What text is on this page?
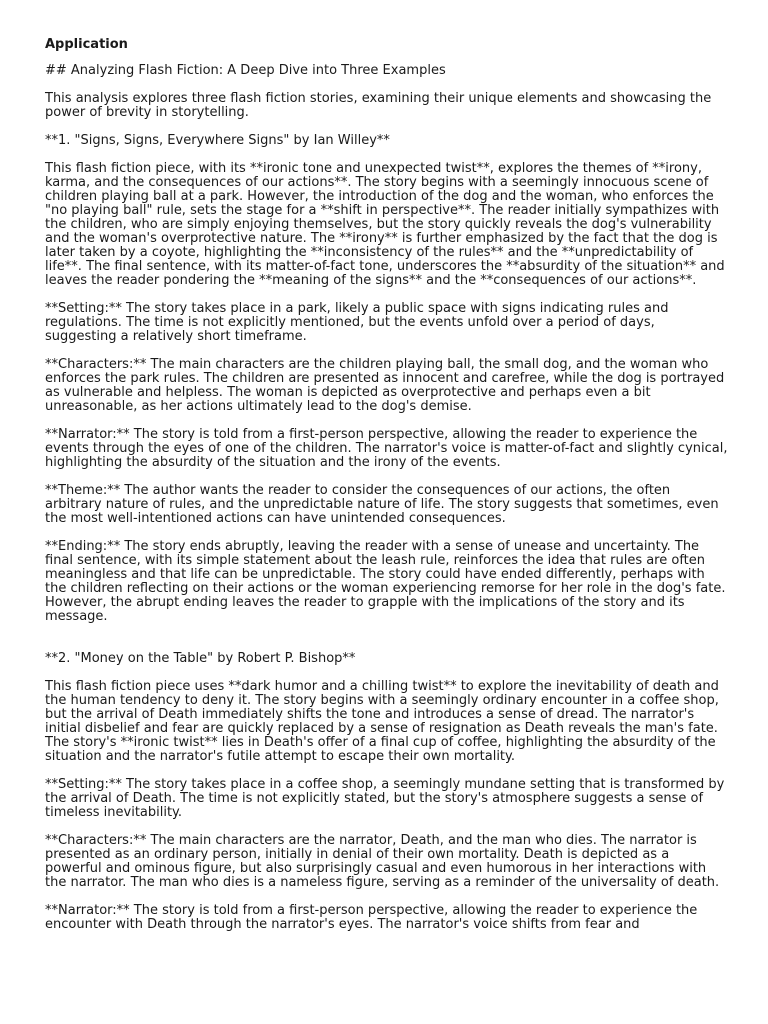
Application

## Analyzing Flash Fiction: A Deep Dive into Three Examples

This analysis explores three flash fiction stories, examining their unique elements and showcasing the power of brevity in storytelling.

**1. "Signs, Signs, Everywhere Signs" by Ian Willey**

This flash fiction piece, with its **ironic tone and unexpected twist**, explores the themes of **irony, karma, and the consequences of our actions**. The story begins with a seemingly innocuous scene of children playing ball at a park. However, the introduction of the dog and the woman, who enforces the "no playing ball" rule, sets the stage for a **shift in perspective**. The reader initially sympathizes with the children, who are simply enjoying themselves, but the story quickly reveals the dog's vulnerability and the woman's overprotective nature. The **irony** is further emphasized by the fact that the dog is later taken by a coyote, highlighting the **inconsistency of the rules** and the **unpredictability of life**. The final sentence, with its matter-of-fact tone, underscores the **absurdity of the situation** and leaves the reader pondering the **meaning of the signs** and the **consequences of our actions**.

**Setting:** The story takes place in a park, likely a public space with signs indicating rules and regulations. The time is not explicitly mentioned, but the events unfold over a period of days, suggesting a relatively short timeframe.

**Characters:** The main characters are the children playing ball, the small dog, and the woman who enforces the park rules. The children are presented as innocent and carefree, while the dog is portrayed as vulnerable and helpless. The woman is depicted as overprotective and perhaps even a bit unreasonable, as her actions ultimately lead to the dog's demise.

**Narrator:** The story is told from a first-person perspective, allowing the reader to experience the events through the eyes of one of the children. The narrator's voice is matter-of-fact and slightly cynical, highlighting the absurdity of the situation and the irony of the events.

**Theme:** The author wants the reader to consider the consequences of our actions, the often arbitrary nature of rules, and the unpredictable nature of life. The story suggests that sometimes, even the most well-intentioned actions can have unintended consequences.

**Ending:** The story ends abruptly, leaving the reader with a sense of unease and uncertainty. The final sentence, with its simple statement about the leash rule, reinforces the idea that rules are often meaningless and that life can be unpredictable. The story could have ended differently, perhaps with the children reflecting on their actions or the woman experiencing remorse for her role in the dog's fate. However, the abrupt ending leaves the reader to grapple with the implications of the story and its message.

**2. "Money on the Table" by Robert P. Bishop**

This flash fiction piece uses **dark humor and a chilling twist** to explore the inevitability of death and the human tendency to deny it. The story begins with a seemingly ordinary encounter in a coffee shop, but the arrival of Death immediately shifts the tone and introduces a sense of dread. The narrator's initial disbelief and fear are quickly replaced by a sense of resignation as Death reveals the man's fate. The story's **ironic twist** lies in Death's offer of a final cup of coffee, highlighting the absurdity of the situation and the narrator's futile attempt to escape their own mortality.

**Setting:** The story takes place in a coffee shop, a seemingly mundane setting that is transformed by the arrival of Death. The time is not explicitly stated, but the story's atmosphere suggests a sense of timeless inevitability.

**Characters:** The main characters are the narrator, Death, and the man who dies. The narrator is presented as an ordinary person, initially in denial of their own mortality. Death is depicted as a powerful and ominous figure, but also surprisingly casual and even humorous in her interactions with the narrator. The man who dies is a nameless figure, serving as a reminder of the universality of death.

**Narrator:** The story is told from a first-person perspective, allowing the reader to experience the encounter with Death through the narrator's eyes. The narrator's voice shifts from fear and
